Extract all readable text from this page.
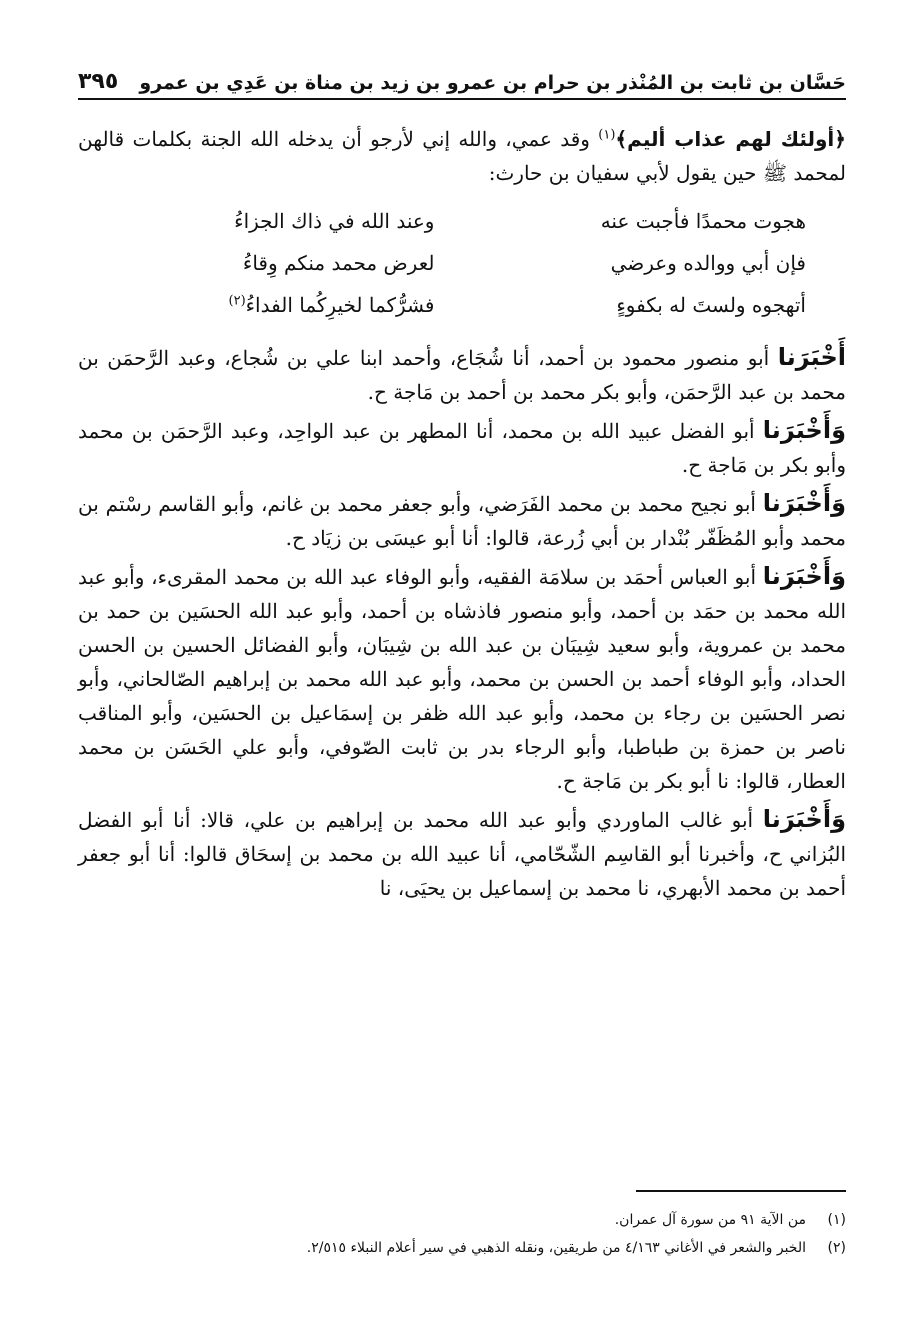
حَسَّان بن ثابت بن المُنْذر بن حرام بن عمرو بن زيد بن مناة بن عَدِي بن عمرو
٣٩٥

﴿أولئك لهم عذاب أليم﴾$^{(١)}$ وقد عمي، والله إني لأرجو أن يدخله الله الجنة بكلمات قالهن لمحمد ﷺ حين يقول لأبي سفيان بن حارث:

هجوت محمدًا فأجبت عنه
وعند الله في ذاك الجزاءُ
فإن أبي ووالده وعرضي
لعرض محمد منكم وِقاءُ
أتهجوه ولستَ له بكفوءٍ
فشرُّكما لخيرِكُما الفداءُ$^{(٢)}$

أَخْبَرَنا أبو منصور محمود بن أحمد، أنا شُجَاع، وأحمد ابنا علي بن شُجاع، وعبد الرَّحمَن بن محمد بن عبد الرَّحمَن، وأبو بكر محمد بن أحمد بن مَاجة ح.

وَأَخْبَرَنا أبو الفضل عبيد الله بن محمد، أنا المطهر بن عبد الواحِد، وعبد الرَّحمَن بن محمد وأبو بكر بن مَاجة ح.

وَأَخْبَرَنا أبو نجيح محمد بن محمد الفَرَضي، وأبو جعفر محمد بن غانم، وأبو القاسم رسْتم بن محمد وأبو المُظَفّر بُنْدار بن أبي زُرعة، قالوا: أنا أبو عيسَى بن زيَاد ح.

وَأَخْبَرَنا أبو العباس أحمَد بن سلامَة الفقيه، وأبو الوفاء عبد الله بن محمد المقرىء، وأبو عبد الله محمد بن حمَد بن أحمد، وأبو منصور فاذشاه بن أحمد، وأبو عبد الله الحسَين بن حمد بن محمد بن عمروية، وأبو سعيد شِيبَان بن عبد الله بن شِيبَان، وأبو الفضائل الحسين بن الحسن الحداد، وأبو الوفاء أحمد بن الحسن بن محمد، وأبو عبد الله محمد بن إبراهيم الصّالحاني، وأبو نصر الحسَين بن رجاء بن محمد، وأبو عبد الله ظفر بن إسمَاعيل بن الحسَين، وأبو المناقب ناصر بن حمزة بن طباطبا، وأبو الرجاء بدر بن ثابت الصّوفي، وأبو علي الحَسَن بن محمد العطار، قالوا: نا أبو بكر بن مَاجة ح.

وَأَخْبَرَنا أبو غالب الماوردي وأبو عبد الله محمد بن إبراهيم بن علي، قالا: أنا أبو الفضل البُزاني ح، وأخبرنا أبو القاسِم الشّحّامي، أنا عبيد الله بن محمد بن إسحَاق قالوا: أنا أبو جعفر أحمد بن محمد الأبهري، نا محمد بن إسماعيل بن يحيَى، نا

(١)
من الآية ٩١ من سورة آل عمران.
(٢)
الخبر والشعر في الأغاني ٤/١٦٣ من طريقين، ونقله الذهبي في سير أعلام النبلاء ٢/٥١٥.
